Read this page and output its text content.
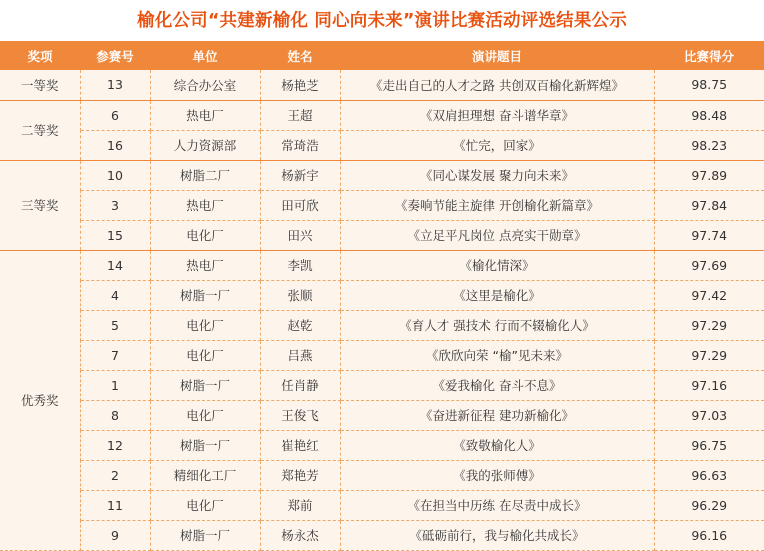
榆化公司“共建新榆化 同心向未来”演讲比赛活动评选结果公示
奖项	参赛号	单位	姓名	演讲题目	比赛得分
一等奖	13	综合办公室	杨艳芝	《走出自己的人才之路 共创双百榆化新辉煌》	98.75
二等奖	6	热电厂	王超	《双肩担理想 奋斗谱华章》	98.48
	16	人力资源部	常琦浩	《忙完，回家》	98.23
三等奖	10	树脂二厂	杨新宇	《同心谋发展 聚力向未来》	97.89
	3	热电厂	田可欣	《奏响节能主旋律 开创榆化新篇章》	97.84
	15	电化厂	田兴	《立足平凡岗位 点亮实干勋章》	97.74
优秀奖	14	热电厂	李凯	《榆化情深》	97.69
	4	树脂一厂	张顺	《这里是榆化》	97.42
	5	电化厂	赵乾	《育人才 强技术 行而不辍榆化人》	97.29
	7	电化厂	吕燕	《欣欣向荣 “榆”见未来》	97.29
	1	树脂一厂	任肖静	《爱我榆化 奋斗不息》	97.16
	8	电化厂	王俊飞	《奋进新征程 建功新榆化》	97.03
	12	树脂一厂	崔艳红	《致敬榆化人》	96.75
	2	精细化工厂	郑艳芳	《我的张师傅》	96.63
	11	电化厂	郑前	《在担当中历练 在尽责中成长》	96.29
	9	树脂一厂	杨永杰	《砥砺前行，我与榆化共成长》	96.16
